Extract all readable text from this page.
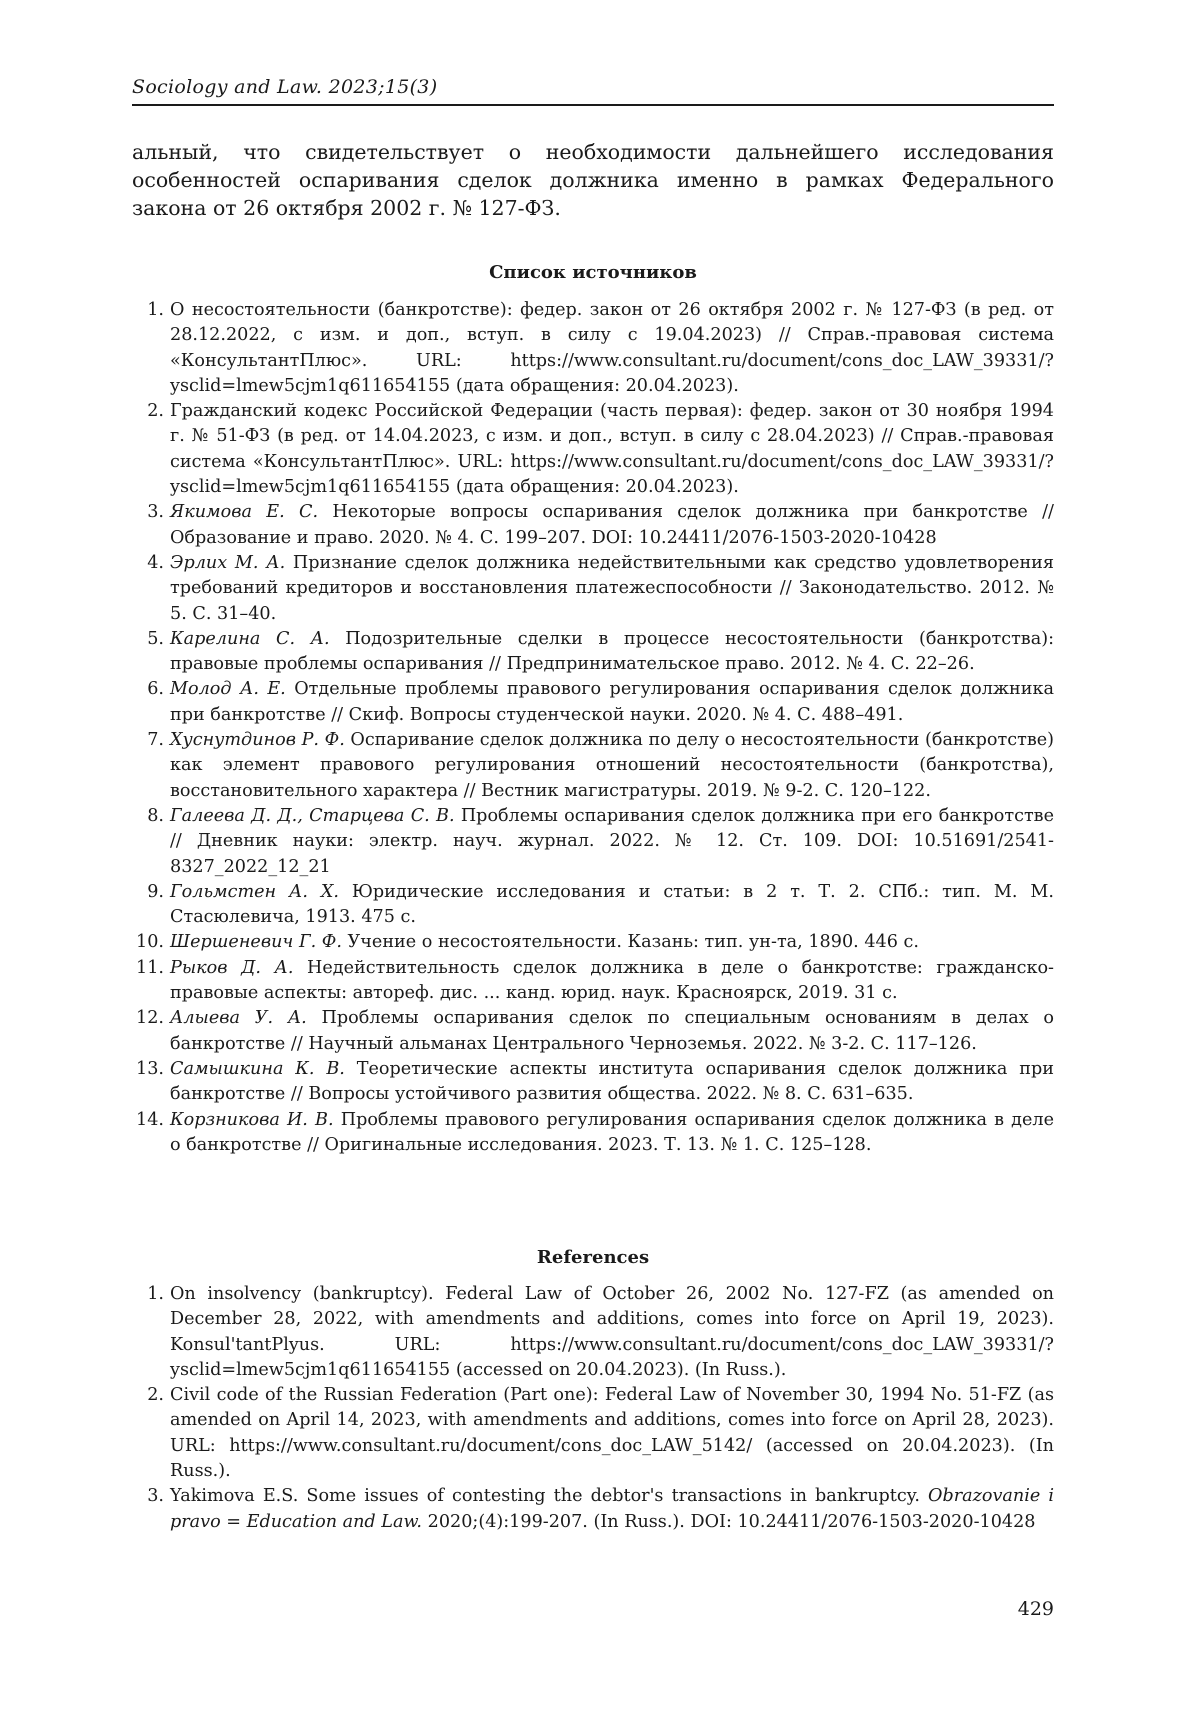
Sociology and Law. 2023;15(3)

альный, что свидетельствует о необходимости дальнейшего исследования особенностей оспаривания сделок должника именно в рамках Федерального закона от 26 октября 2002 г. № 127-ФЗ.

Список источников
1. О несостоятельности (банкротстве): федер. закон от 26 октября 2002 г. № 127-ФЗ (в ред. от 28.12.2022, с изм. и доп., вступ. в силу с 19.04.2023) // Справ.-правовая система «КонсультантПлюс». URL: https://www.consultant.ru/document/cons_doc_LAW_39331/?ysclid=lmew5cjm1q611654155 (дата обращения: 20.04.2023).
2. Гражданский кодекс Российской Федерации (часть первая): федер. закон от 30 ноября 1994 г. № 51-ФЗ (в ред. от 14.04.2023, с изм. и доп., вступ. в силу с 28.04.2023) // Справ.-правовая система «КонсультантПлюс». URL: https://www.consultant.ru/document/cons_doc_LAW_39331/?ysclid=lmew5cjm1q611654155 (дата обращения: 20.04.2023).
3. Якимова Е. С. Некоторые вопросы оспаривания сделок должника при банкротстве // Образование и право. 2020. № 4. С. 199–207. DOI: 10.24411/2076-1503-2020-10428
4. Эрлих М. А. Признание сделок должника недействительными как средство удовлетворения требований кредиторов и восстановления платежеспособности // Законодательство. 2012. № 5. С. 31–40.
5. Карелина С. А. Подозрительные сделки в процессе несостоятельности (банкротства): правовые проблемы оспаривания // Предпринимательское право. 2012. № 4. С. 22–26.
6. Молод А. Е. Отдельные проблемы правового регулирования оспаривания сделок должника при банкротстве // Скиф. Вопросы студенческой науки. 2020. № 4. С. 488–491.
7. Хуснутдинов Р. Ф. Оспаривание сделок должника по делу о несостоятельности (банкротстве) как элемент правового регулирования отношений несостоятельности (банкротства), восстановительного характера // Вестник магистратуры. 2019. № 9-2. С. 120–122.
8. Галеева Д. Д., Старцева С. В. Проблемы оспаривания сделок должника при его банкротстве // Дневник науки: электр. науч. журнал. 2022. № 12. Ст. 109. DOI: 10.51691/2541-8327_2022_12_21
9. Гольмстен А. Х. Юридические исследования и статьи: в 2 т. Т. 2. СПб.: тип. М. М. Стасюлевича, 1913. 475 с.
10. Шершеневич Г. Ф. Учение о несостоятельности. Казань: тип. ун-та, 1890. 446 с.
11. Рыков Д. А. Недействительность сделок должника в деле о банкротстве: гражданско-правовые аспекты: автореф. дис. ... канд. юрид. наук. Красноярск, 2019. 31 с.
12. Алыева У. А. Проблемы оспаривания сделок по специальным основаниям в делах о банкротстве // Научный альманах Центрального Черноземья. 2022. № 3-2. С. 117–126.
13. Самышкина К. В. Теоретические аспекты института оспаривания сделок должника при банкротстве // Вопросы устойчивого развития общества. 2022. № 8. С. 631–635.
14. Корзникова И. В. Проблемы правового регулирования оспаривания сделок должника в деле о банкротстве // Оригинальные исследования. 2023. Т. 13. № 1. С. 125–128.
References
1. On insolvency (bankruptcy). Federal Law of October 26, 2002 No. 127-FZ (as amended on December 28, 2022, with amendments and additions, comes into force on April 19, 2023). Konsul'tantPlyus. URL: https://www.consultant.ru/document/cons_doc_LAW_39331/?ysclid=lmew5cjm1q611654155 (accessed on 20.04.2023). (In Russ.).
2. Civil code of the Russian Federation (Part one): Federal Law of November 30, 1994 No. 51-FZ (as amended on April 14, 2023, with amendments and additions, comes into force on April 28, 2023). URL: https://www.consultant.ru/document/cons_doc_LAW_5142/ (accessed on 20.04.2023). (In Russ.).
3. Yakimova E.S. Some issues of contesting the debtor's transactions in bankruptcy. Obrazovanie i pravo = Education and Law. 2020;(4):199-207. (In Russ.). DOI: 10.24411/2076-1503-2020-10428
429
